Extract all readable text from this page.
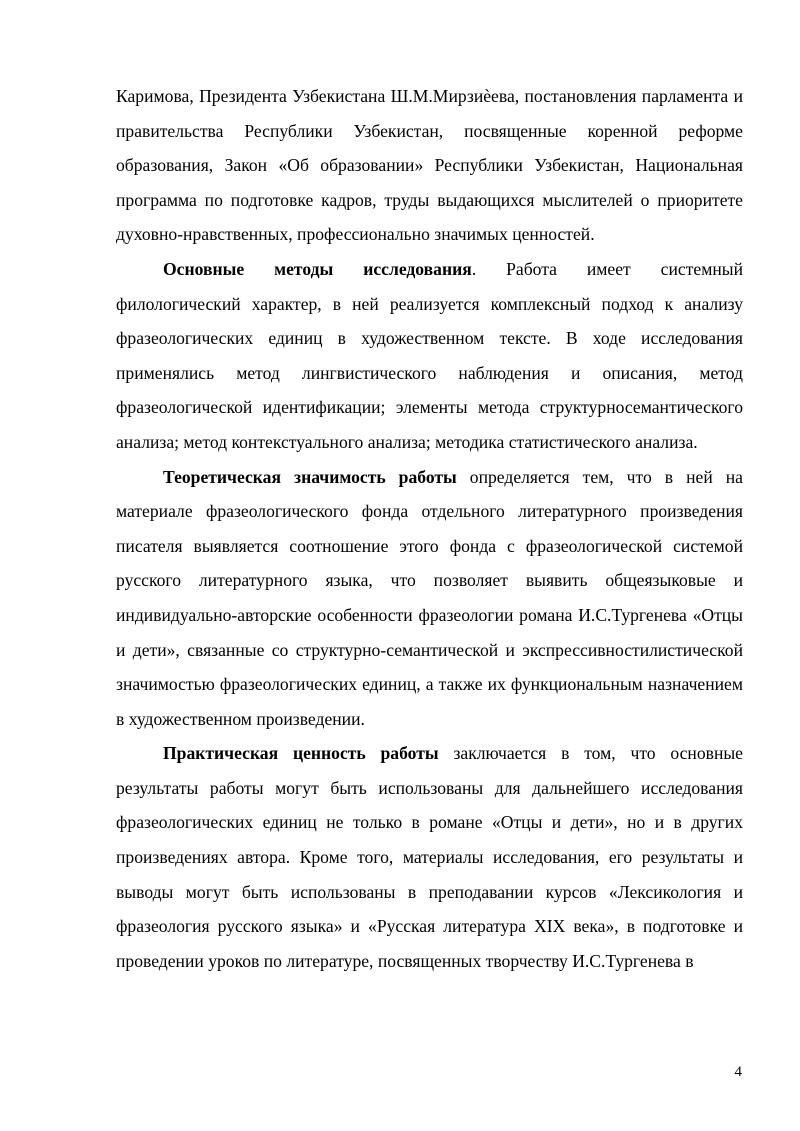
Каримова, Президента Узбекистана Ш.М.Мирзиѐева, постановления парламента и правительства Республики Узбекистан, посвященные коренной реформе образования, Закон «Об образовании» Республики Узбекистан, Национальная программа по подготовке кадров, труды выдающихся мыслителей о приоритете духовно-нравственных, профессионально значимых ценностей.

Основные методы исследования. Работа имеет системный филологический характер, в ней реализуется комплексный подход к анализу фразеологических единиц в художественном тексте. В ходе исследования применялись метод лингвистического наблюдения и описания, метод фразеологической идентификации; элементы метода структурносемантического анализа; метод контекстуального анализа; методика статистического анализа.

Теоретическая значимость работы определяется тем, что в ней на материале фразеологического фонда отдельного литературного произведения писателя выявляется соотношение этого фонда с фразеологической системой русского литературного языка, что позволяет выявить общеязыковые и индивидуально-авторские особенности фразеологии романа И.С.Тургенева «Отцы и дети», связанные со структурно-семантической и экспрессивностилистической значимостью фразеологических единиц, а также их функциональным назначением в художественном произведении.

Практическая ценность работы заключается в том, что основные результаты работы могут быть использованы для дальнейшего исследования фразеологических единиц не только в романе «Отцы и дети», но и в других произведениях автора. Кроме того, материалы исследования, его результаты и выводы могут быть использованы в преподавании курсов «Лексикология и фразеология русского языка» и «Русская литература XIX века», в подготовке и проведении уроков по литературе, посвященных творчеству И.С.Тургенева в

4
